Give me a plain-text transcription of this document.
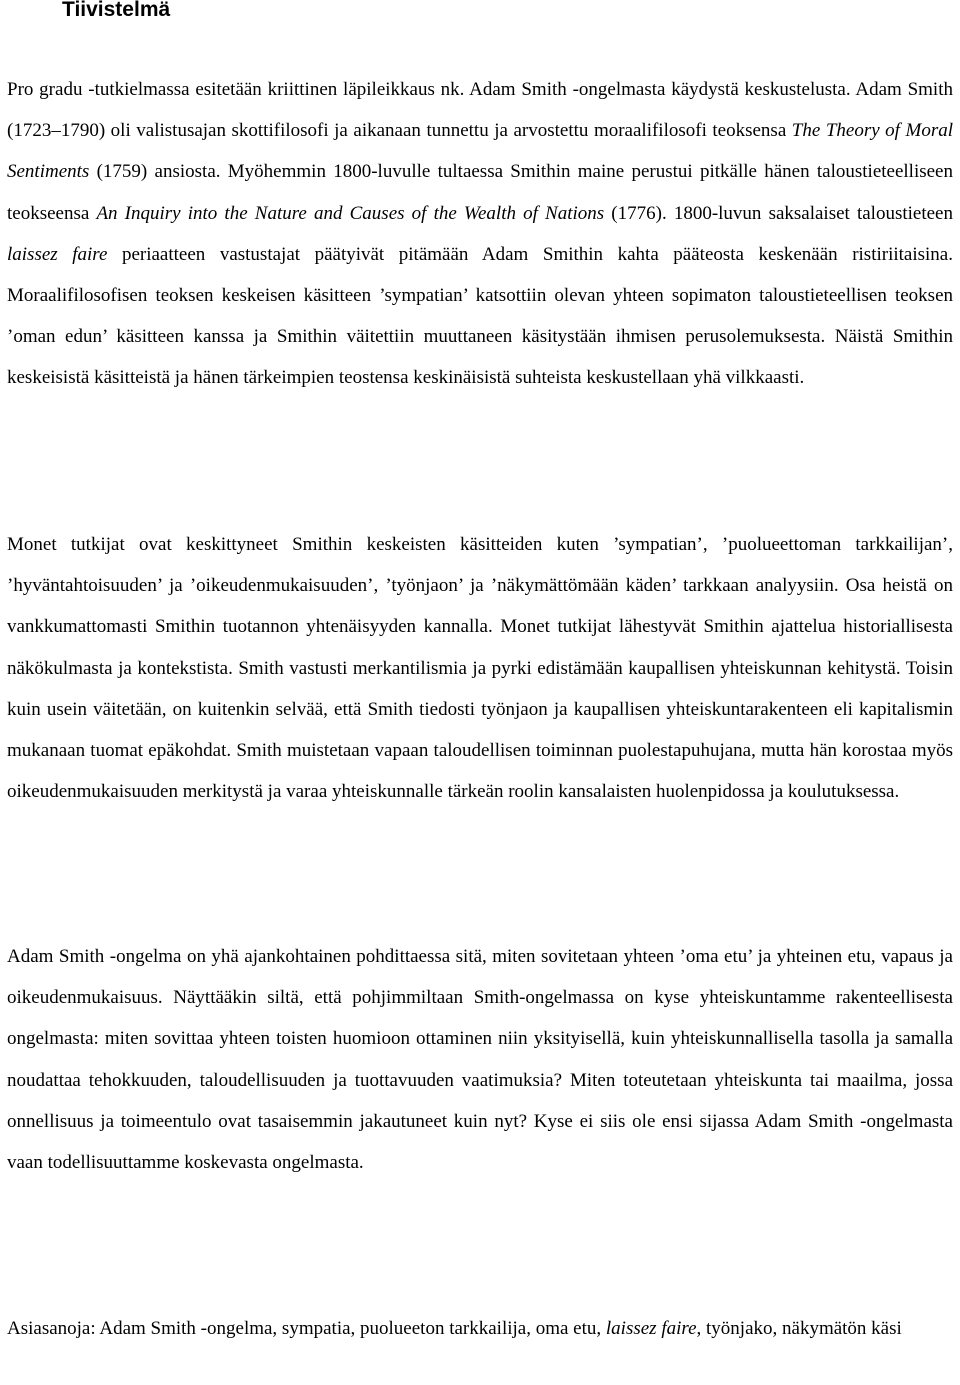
Tiivistelmä

Pro gradu -tutkielmassa esitetään kriittinen läpileikkaus nk. Adam Smith -ongelmasta käydystä keskustelusta. Adam Smith (1723–1790) oli valistusajan skottifilosofi ja aikanaan tunnettu ja arvostettu moraalifilosofi teoksensa The Theory of Moral Sentiments (1759) ansiosta. Myöhemmin 1800-luvulle tultaessa Smithin maine perustui pitkälle hänen taloustieteelliseen teokseensa An Inquiry into the Nature and Causes of the Wealth of Nations (1776). 1800-luvun saksalaiset taloustieteen laissez faire periaatteen vastustajat päätyivät pitämään Adam Smithin kahta pääteosta keskenään ristiriitaisina. Moraalifilosofisen teoksen keskeisen käsitteen ’sympatian’ katsottiin olevan yhteen sopimaton taloustieteellisen teoksen ’oman edun’ käsitteen kanssa ja Smithin väitettiin muuttaneen käsitystään ihmisen perusolemuksesta. Näistä Smithin keskeisistä käsitteistä ja hänen tärkeimpien teostensa keskinäisistä suhteista keskustellaan yhä vilkkaasti.

Monet tutkijat ovat keskittyneet Smithin keskeisten käsitteiden kuten ’sympatian’, ’puolueettoman tarkkailijan’, ’hyväntahtoisuuden’ ja ’oikeudenmukaisuuden’, ’työnjaon’ ja ’näkymättömään käden’ tarkkaan analyysiin. Osa heistä on vankkumattomasti Smithin tuotannon yhtenäisyyden kannalla. Monet tutkijat lähestyvät Smithin ajattelua historiallisesta näkökulmasta ja kontekstista. Smith vastusti merkantilismia ja pyrki edistämään kaupallisen yhteiskunnan kehitystä. Toisin kuin usein väitetään, on kuitenkin selvää, että Smith tiedosti työnjaon ja kaupallisen yhteiskuntarakenteen eli kapitalismin mukanaan tuomat epäkohdat. Smith muistetaan vapaan taloudellisen toiminnan puolestapuhujana, mutta hän korostaa myös oikeudenmukaisuuden merkitystä ja varaa yhteiskunnalle tärkeän roolin kansalaisten huolenpidossa ja koulutuksessa.

Adam Smith -ongelma on yhä ajankohtainen pohdittaessa sitä, miten sovitetaan yhteen ’oma etu’ ja yhteinen etu, vapaus ja oikeudenmukaisuus. Näyttääkin siltä, että pohjimmiltaan Smith-ongelmassa on kyse yhteiskuntamme rakenteellisesta ongelmasta: miten sovittaa yhteen toisten huomioon ottaminen niin yksityisellä, kuin yhteiskunnallisella tasolla ja samalla noudattaa tehokkuuden, taloudellisuuden ja tuottavuuden vaatimuksia? Miten toteutetaan yhteiskunta tai maailma, jossa onnellisuus ja toimeentulo ovat tasaisemmin jakautuneet kuin nyt? Kyse ei siis ole ensi sijassa Adam Smith -ongelmasta vaan todellisuuttamme koskevasta ongelmasta.

Asiasanoja: Adam Smith -ongelma, sympatia, puolueeton tarkkailija, oma etu, laissez faire, työnjako, näkymätön käsi
